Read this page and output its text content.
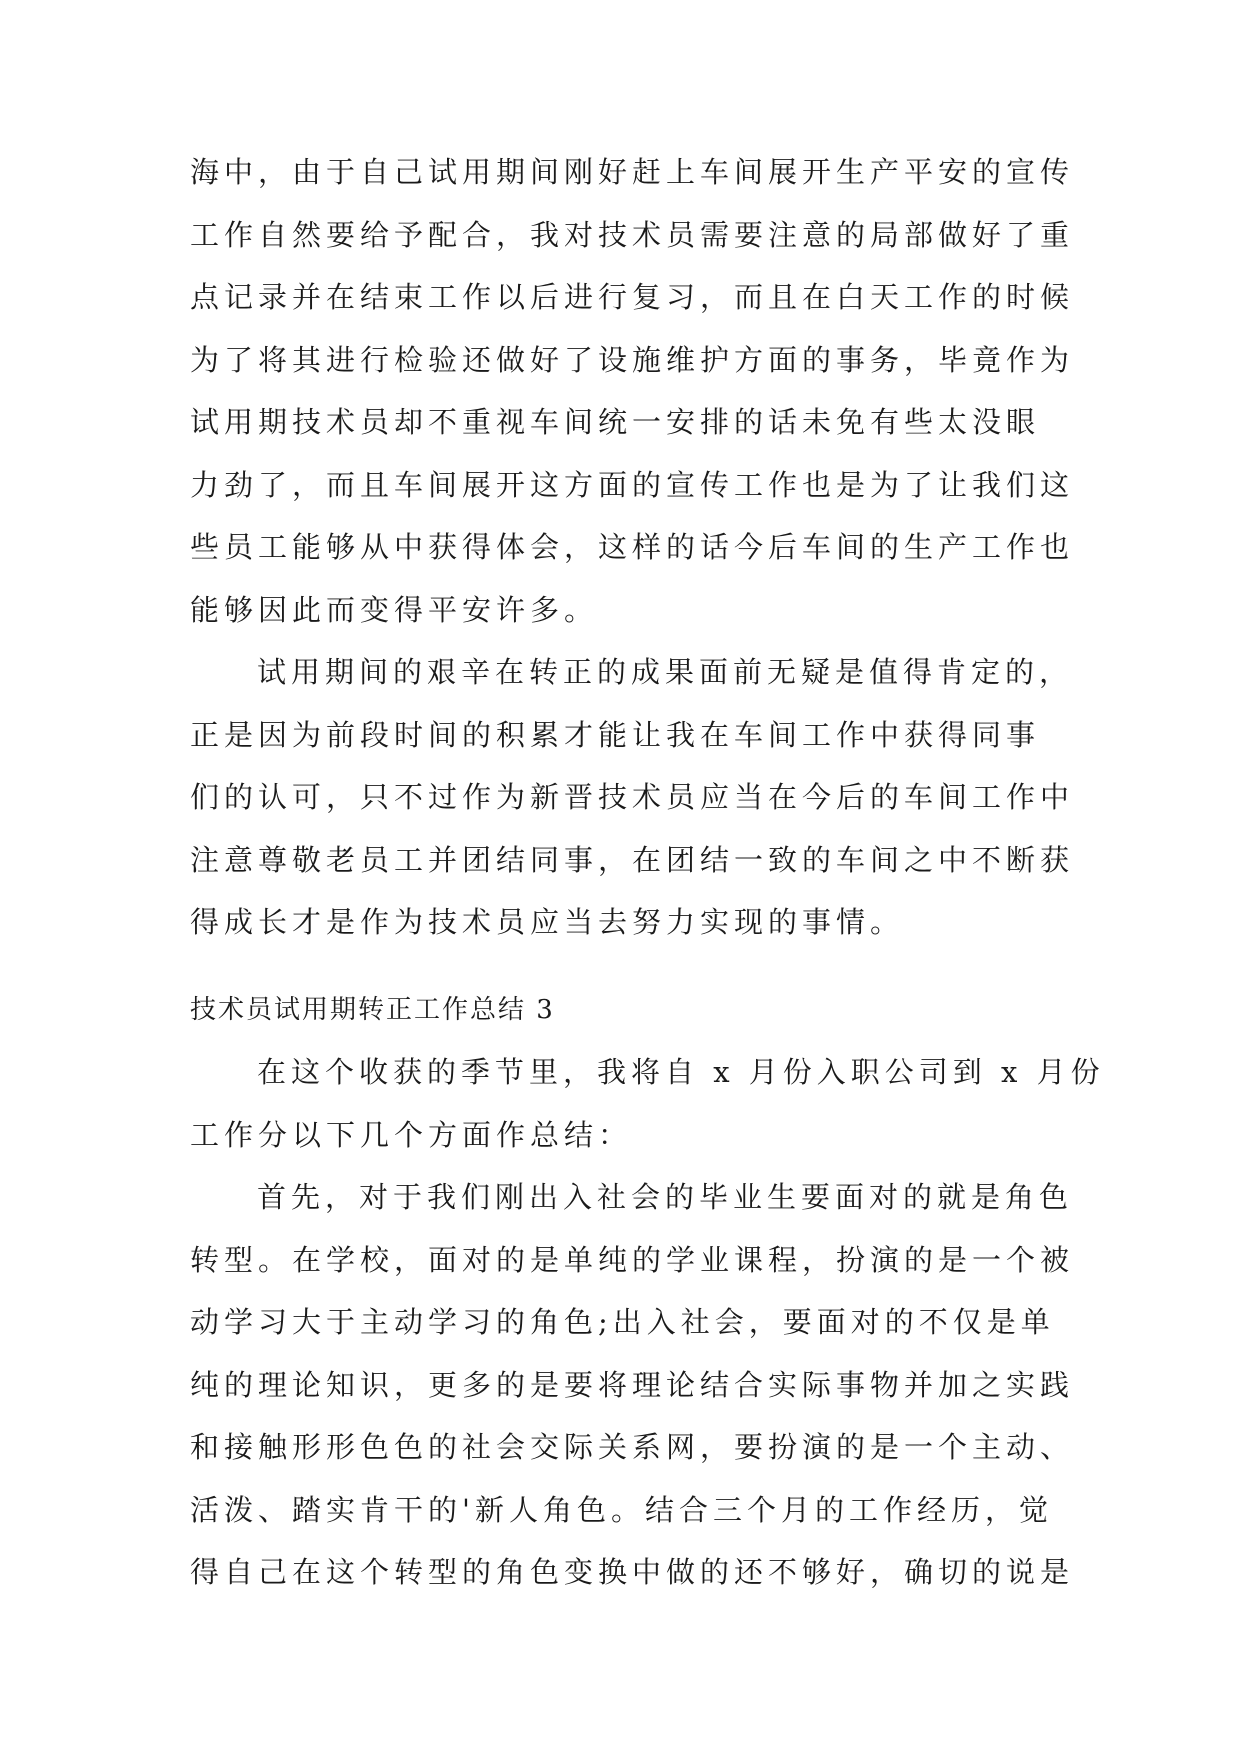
海中，由于自己试用期间刚好赶上车间展开生产平安的宣传
工作自然要给予配合，我对技术员需要注意的局部做好了重
点记录并在结束工作以后进行复习，而且在白天工作的时候
为了将其进行检验还做好了设施维护方面的事务，毕竟作为
试用期技术员却不重视车间统一安排的话未免有些太没眼
力劲了，而且车间展开这方面的宣传工作也是为了让我们这
些员工能够从中获得体会，这样的话今后车间的生产工作也
能够因此而变得平安许多。
试用期间的艰辛在转正的成果面前无疑是值得肯定的，
正是因为前段时间的积累才能让我在车间工作中获得同事
们的认可，只不过作为新晋技术员应当在今后的车间工作中
注意尊敬老员工并团结同事，在团结一致的车间之中不断获
得成长才是作为技术员应当去努力实现的事情。
技术员试用期转正工作总结 3
在这个收获的季节里，我将自 x 月份入职公司到 x 月份
工作分以下几个方面作总结：
首先，对于我们刚出入社会的毕业生要面对的就是角色
转型。在学校，面对的是单纯的学业课程，扮演的是一个被
动学习大于主动学习的角色;出入社会，要面对的不仅是单
纯的理论知识，更多的是要将理论结合实际事物并加之实践
和接触形形色色的社会交际关系网，要扮演的是一个主动、
活泼、踏实肯干的'新人角色。结合三个月的工作经历，觉
得自己在这个转型的角色变换中做的还不够好，确切的说是
